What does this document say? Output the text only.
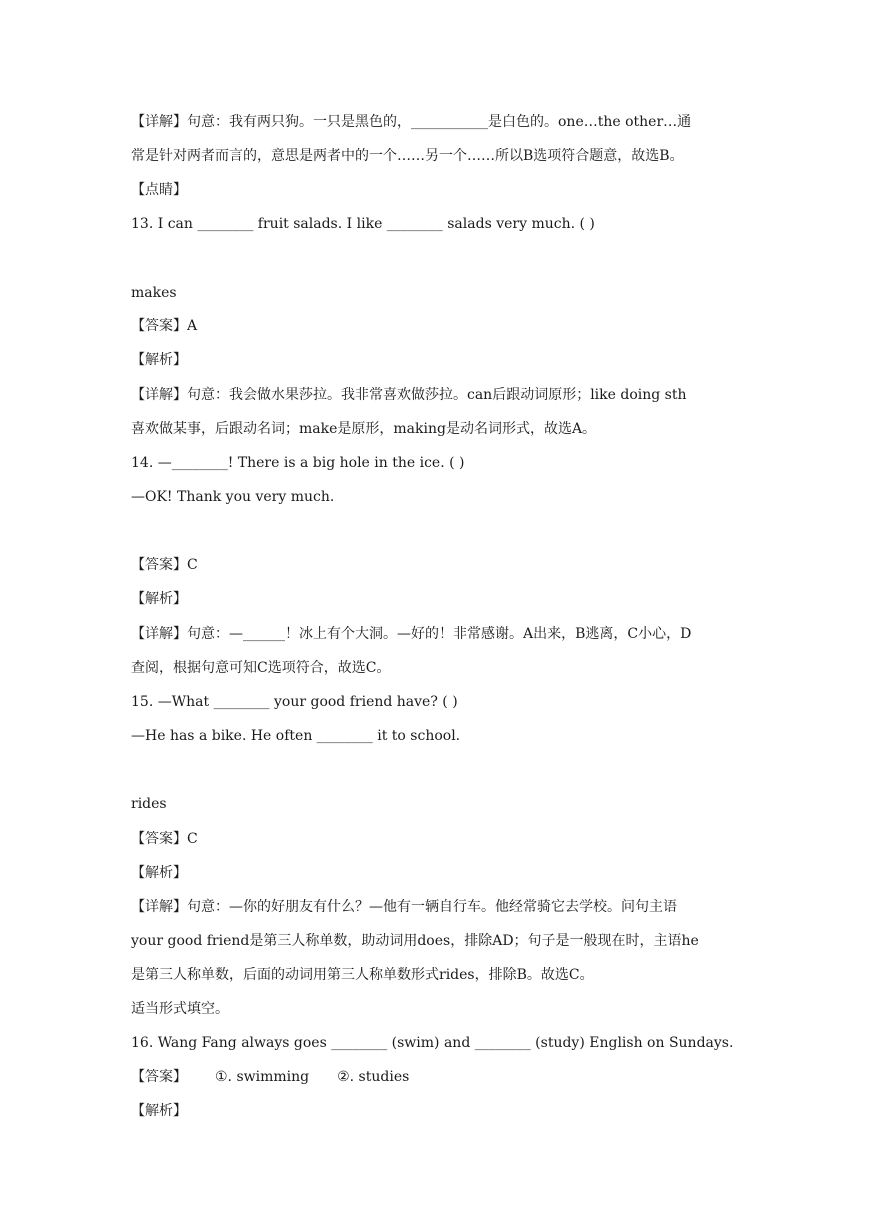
【详解】句意：我有两只狗。一只是黑色的，___________是白色的。one…the other…通
常是针对两者而言的，意思是两者中的一个……另一个……所以B选项符合题意，故选B。
【点睛】
13. I can ________ fruit salads. I like ________ salads very much. ( )
makes
【答案】A
【解析】
【详解】句意：我会做水果莎拉。我非常喜欢做莎拉。can后跟动词原形；like doing sth
喜欢做某事，后跟动名词；make是原形，making是动名词形式，故选A。
14. —________! There is a big hole in the ice. ( )
—OK! Thank you very much.
【答案】C
【解析】
【详解】句意：—______！冰上有个大洞。—好的！非常感谢。A出来，B逃离，C小心，D
查阅，根据句意可知C选项符合，故选C。
15. —What ________ your good friend have? ( )
—He has a bike. He often ________ it to school.
rides
【答案】C
【解析】
【详解】句意：—你的好朋友有什么？—他有一辆自行车。他经常骑它去学校。问句主语
your good friend是第三人称单数，助动词用does，排除AD；句子是一般现在时，主语he
是第三人称单数，后面的动词用第三人称单数形式rides，排除B。故选C。
适当形式填空。
16. Wang Fang always goes ________ (swim) and ________ (study) English on Sundays.
【答案】 ①. swimming ②. studies
【解析】
